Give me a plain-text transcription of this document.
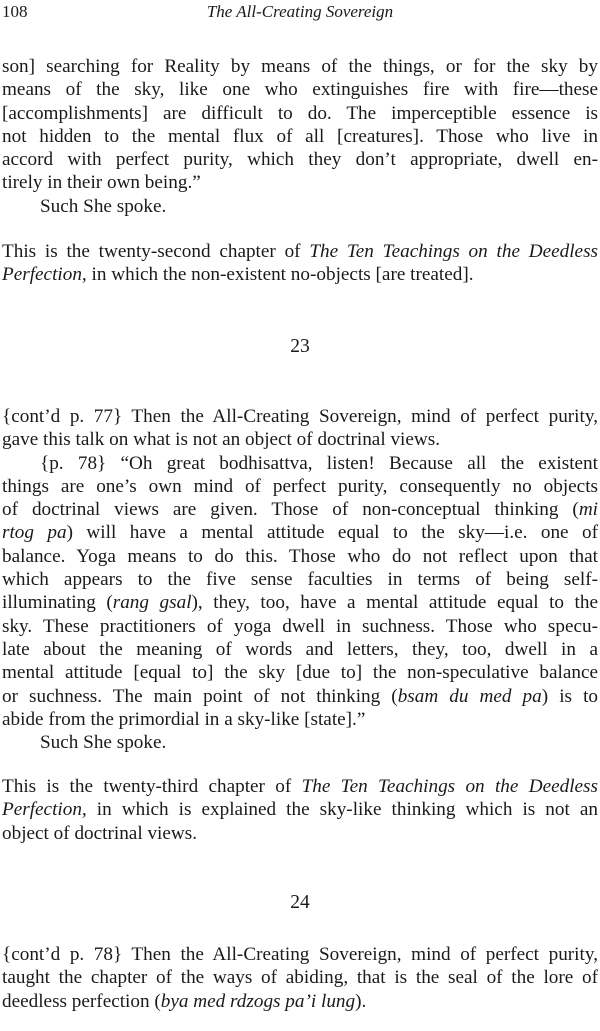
108	The All-Creating Sovereign
son] searching for Reality by means of the things, or for the sky by
means of the sky, like one who extinguishes fire with fire—these
[accomplishments] are difficult to do. The imperceptible essence is
not hidden to the mental flux of all [creatures]. Those who live in
accord with perfect purity, which they don’t appropriate, dwell en-
tirely in their own being.”
Such She spoke.
This is the twenty-second chapter of The Ten Teachings on the Deedless
Perfection, in which the non-existent no-objects [are treated].
23
{cont’d p. 77} Then the All-Creating Sovereign, mind of perfect purity,
gave this talk on what is not an object of doctrinal views.
{p. 78} “Oh great bodhisattva, listen! Because all the existent
things are one’s own mind of perfect purity, consequently no objects
of doctrinal views are given. Those of non-conceptual thinking (mi
rtog pa) will have a mental attitude equal to the sky—i.e. one of
balance. Yoga means to do this. Those who do not reflect upon that
which appears to the five sense faculties in terms of being self-
illuminating (rang gsal), they, too, have a mental attitude equal to the
sky. These practitioners of yoga dwell in suchness. Those who specu-
late about the meaning of words and letters, they, too, dwell in a
mental attitude [equal to] the sky [due to] the non-speculative balance
or suchness. The main point of not thinking (bsam du med pa) is to
abide from the primordial in a sky-like [state].”
Such She spoke.
This is the twenty-third chapter of The Ten Teachings on the Deedless
Perfection, in which is explained the sky-like thinking which is not an
object of doctrinal views.
24
{cont’d p. 78} Then the All-Creating Sovereign, mind of perfect purity,
taught the chapter of the ways of abiding, that is the seal of the lore of
deedless perfection (bya med rdzogs pa’i lung).
